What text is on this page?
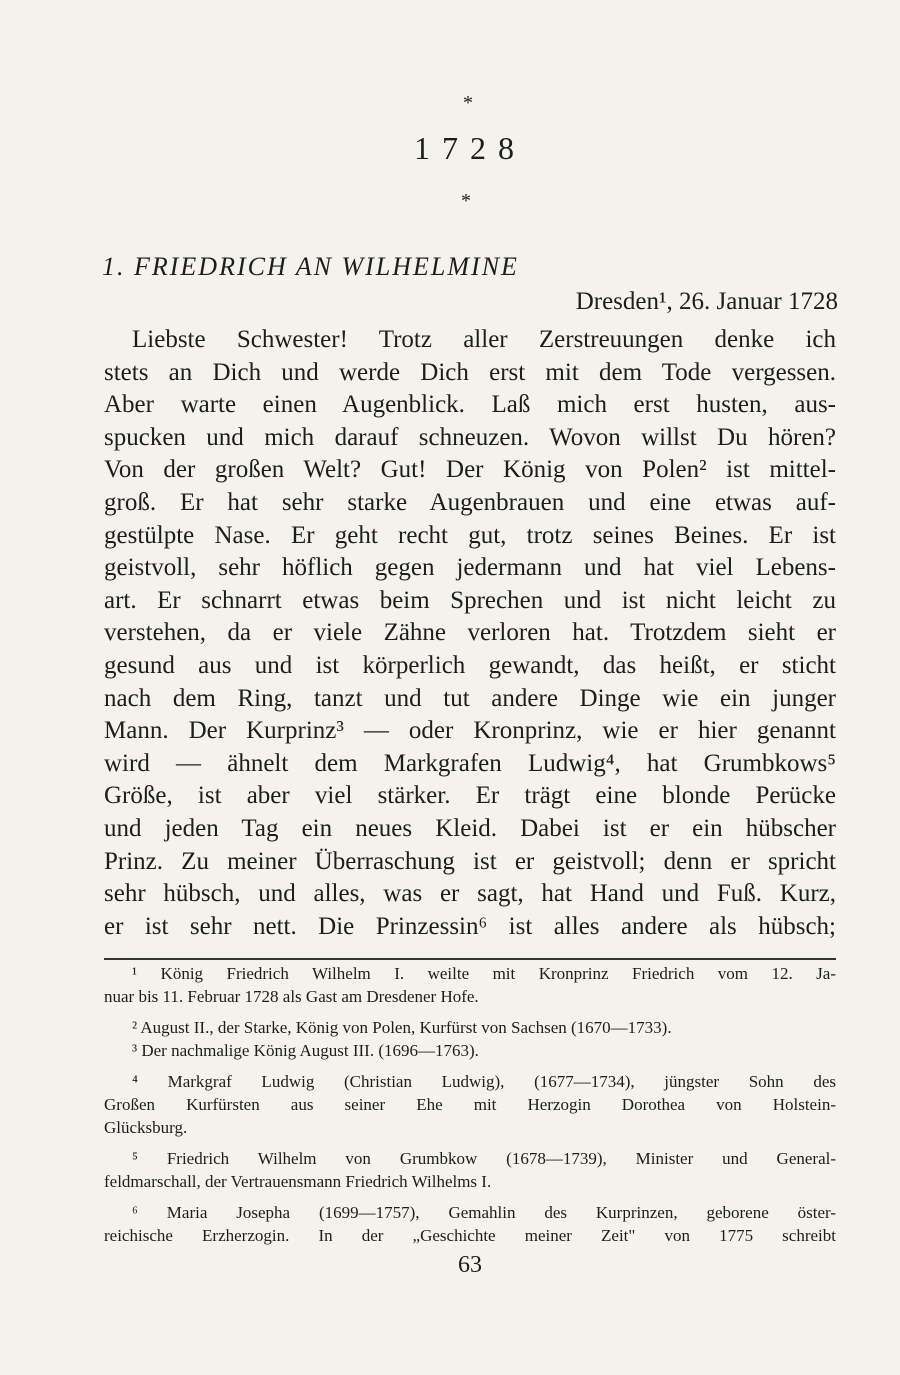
*
1728
*
1. FRIEDRICH AN WILHELMINE
Dresden¹, 26. Januar 1728
Liebste Schwester! Trotz aller Zerstreuungen denke ich
stets an Dich und werde Dich erst mit dem Tode vergessen.
Aber warte einen Augenblick. Laß mich erst husten, aus-
spucken und mich darauf schneuzen. Wovon willst Du hören?
Von der großen Welt? Gut! Der König von Polen² ist mittel-
groß. Er hat sehr starke Augenbrauen und eine etwas auf-
gestülpte Nase. Er geht recht gut, trotz seines Beines. Er ist
geistvoll, sehr höflich gegen jedermann und hat viel Lebens-
art. Er schnarrt etwas beim Sprechen und ist nicht leicht zu
verstehen, da er viele Zähne verloren hat. Trotzdem sieht er
gesund aus und ist körperlich gewandt, das heißt, er sticht
nach dem Ring, tanzt und tut andere Dinge wie ein junger
Mann. Der Kurprinz³ — oder Kronprinz, wie er hier genannt
wird — ähnelt dem Markgrafen Ludwig⁴, hat Grumbkows⁵
Größe, ist aber viel stärker. Er trägt eine blonde Perücke
und jeden Tag ein neues Kleid. Dabei ist er ein hübscher
Prinz. Zu meiner Überraschung ist er geistvoll; denn er spricht
sehr hübsch, und alles, was er sagt, hat Hand und Fuß. Kurz,
er ist sehr nett. Die Prinzessin⁶ ist alles andere als hübsch;
¹ König Friedrich Wilhelm I. weilte mit Kronprinz Friedrich vom 12. Ja-
nuar bis 11. Februar 1728 als Gast am Dresdener Hofe.
² August II., der Starke, König von Polen, Kurfürst von Sachsen (1670—1733).
³ Der nachmalige König August III. (1696—1763).
⁴ Markgraf Ludwig (Christian Ludwig), (1677—1734), jüngster Sohn des
Großen Kurfürsten aus seiner Ehe mit Herzogin Dorothea von Holstein-
Glücksburg.
⁵ Friedrich Wilhelm von Grumbkow (1678—1739), Minister und General-
feldmarschall, der Vertrauensmann Friedrich Wilhelms I.
⁶ Maria Josepha (1699—1757), Gemahlin des Kurprinzen, geborene öster-
reichische Erzherzogin. In der „Geschichte meiner Zeit" von 1775 schreibt
63
